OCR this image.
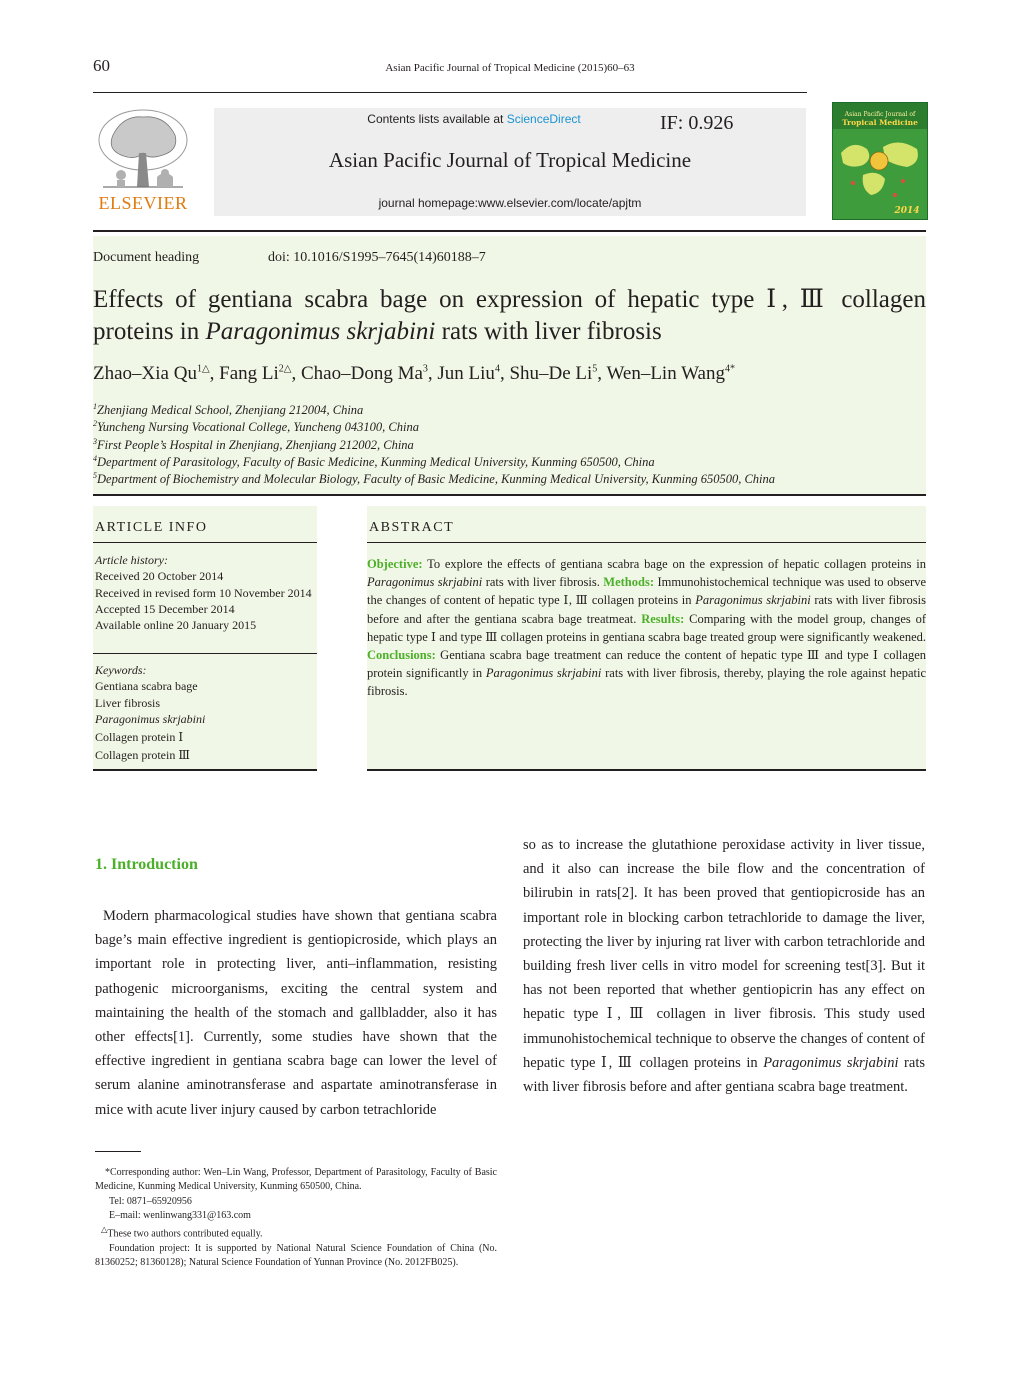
60	Asian Pacific Journal of Tropical Medicine (2015)60–63
ELSEVIER
Contents lists available at ScienceDirect
Asian Pacific Journal of Tropical Medicine
journal homepage:www.elsevier.com/locate/apjtm
IF: 0.926	Asian Pacific Journal of
Tropical Medicine
2014
Document heading	doi: 10.1016/S1995–7645(14)60188–7
Effects of gentiana scabra bage on expression of hepatic type Ⅰ, Ⅲ collagen proteins in Paragonimus skrjabini rats with liver fibrosis
Zhao–Xia $Qu^{1\triangle}$, Fang $Li^{2\triangle}$, Chao–Dong Ma$^3$, Jun Liu$^4$, Shu–De Li$^5$, Wen–Lin Wang$^{4*}$
$^1$Zhenjiang Medical School, Zhenjiang 212004, China
$^2$Yuncheng Nursing Vocational College, Yuncheng 043100, China
$^3$First People’s Hospital in Zhenjiang, Zhenjiang 212002, China
$^4$Department of Parasitology, Faculty of Basic Medicine, Kunming Medical University, Kunming 650500, China
$^5$Department of Biochemistry and Molecular Biology, Faculty of Basic Medicine, Kunming Medical University, Kunming 650500, China
ARTICLE INFO
Article history:
Received 20 October 2014
Received in revised form 10 November 2014
Accepted 15 December 2014
Available online 20 January 2015
Keywords:
Gentiana scabra bage
Liver fibrosis
Paragonimus skrjabini
Collagen protein Ⅰ
Collagen protein Ⅲ
ABSTRACT
Objective: To explore the effects of gentiana scabra bage on the expression of hepatic collagen proteins in Paragonimus skrjabini rats with liver fibrosis. Methods: Immunohistochemical technique was used to observe the changes of content of hepatic type Ⅰ, Ⅲ collagen proteins in Paragonimus skrjabini rats with liver fibrosis before and after the gentiana scabra bage treatmeat. Results: Comparing with the model group, changes of hepatic type Ⅰ and type Ⅲ collagen proteins in gentiana scabra bage treated group were significantly weakened. Conclusions: Gentiana scabra bage treatment can reduce the content of hepatic type Ⅲ and type Ⅰ collagen protein significantly in Paragonimus skrjabini rats with liver fibrosis, thereby, playing the role against hepatic fibrosis.
1. Introduction
Modern pharmacological studies have shown that gentiana scabra bage’s main effective ingredient is gentiopicroside, which plays an important role in protecting liver, anti–inflammation, resisting pathogenic microorganisms, exciting the central system and maintaining the health of the stomach and gallbladder, also it has other effects[1]. Currently, some studies have shown that the effective ingredient in gentiana scabra bage can lower the level of serum alanine aminotransferase and aspartate aminotransferase in mice with acute liver injury caused by carbon tetrachloride
so as to increase the glutathione peroxidase activity in liver tissue, and it also can increase the bile flow and the concentration of bilirubin in rats[2]. It has been proved that gentiopicroside has an important role in blocking carbon tetrachloride to damage the liver, protecting the liver by injuring rat liver with carbon tetrachloride and building fresh liver cells in vitro model for screening test[3]. But it has not been reported that whether gentiopicrin has any effect on hepatic type Ⅰ, Ⅲ collagen in liver fibrosis. This study used immunohistochemical technique to observe the changes of content of hepatic type Ⅰ, Ⅲ collagen proteins in Paragonimus skrjabini rats with liver fibrosis before and after gentiana scabra bage treatment.
*Corresponding author: Wen–Lin Wang, Professor, Department of Parasitology, Faculty of Basic Medicine, Kunming Medical University, Kunming 650500, China.
Tel: 0871–65920956
E–mail: wenlinwang331@163.com
△These two authors contributed equally.
Foundation project: It is supported by National Natural Science Foundation of China (No. 81360252; 81360128); Natural Science Foundation of Yunnan Province (No. 2012FB025).
